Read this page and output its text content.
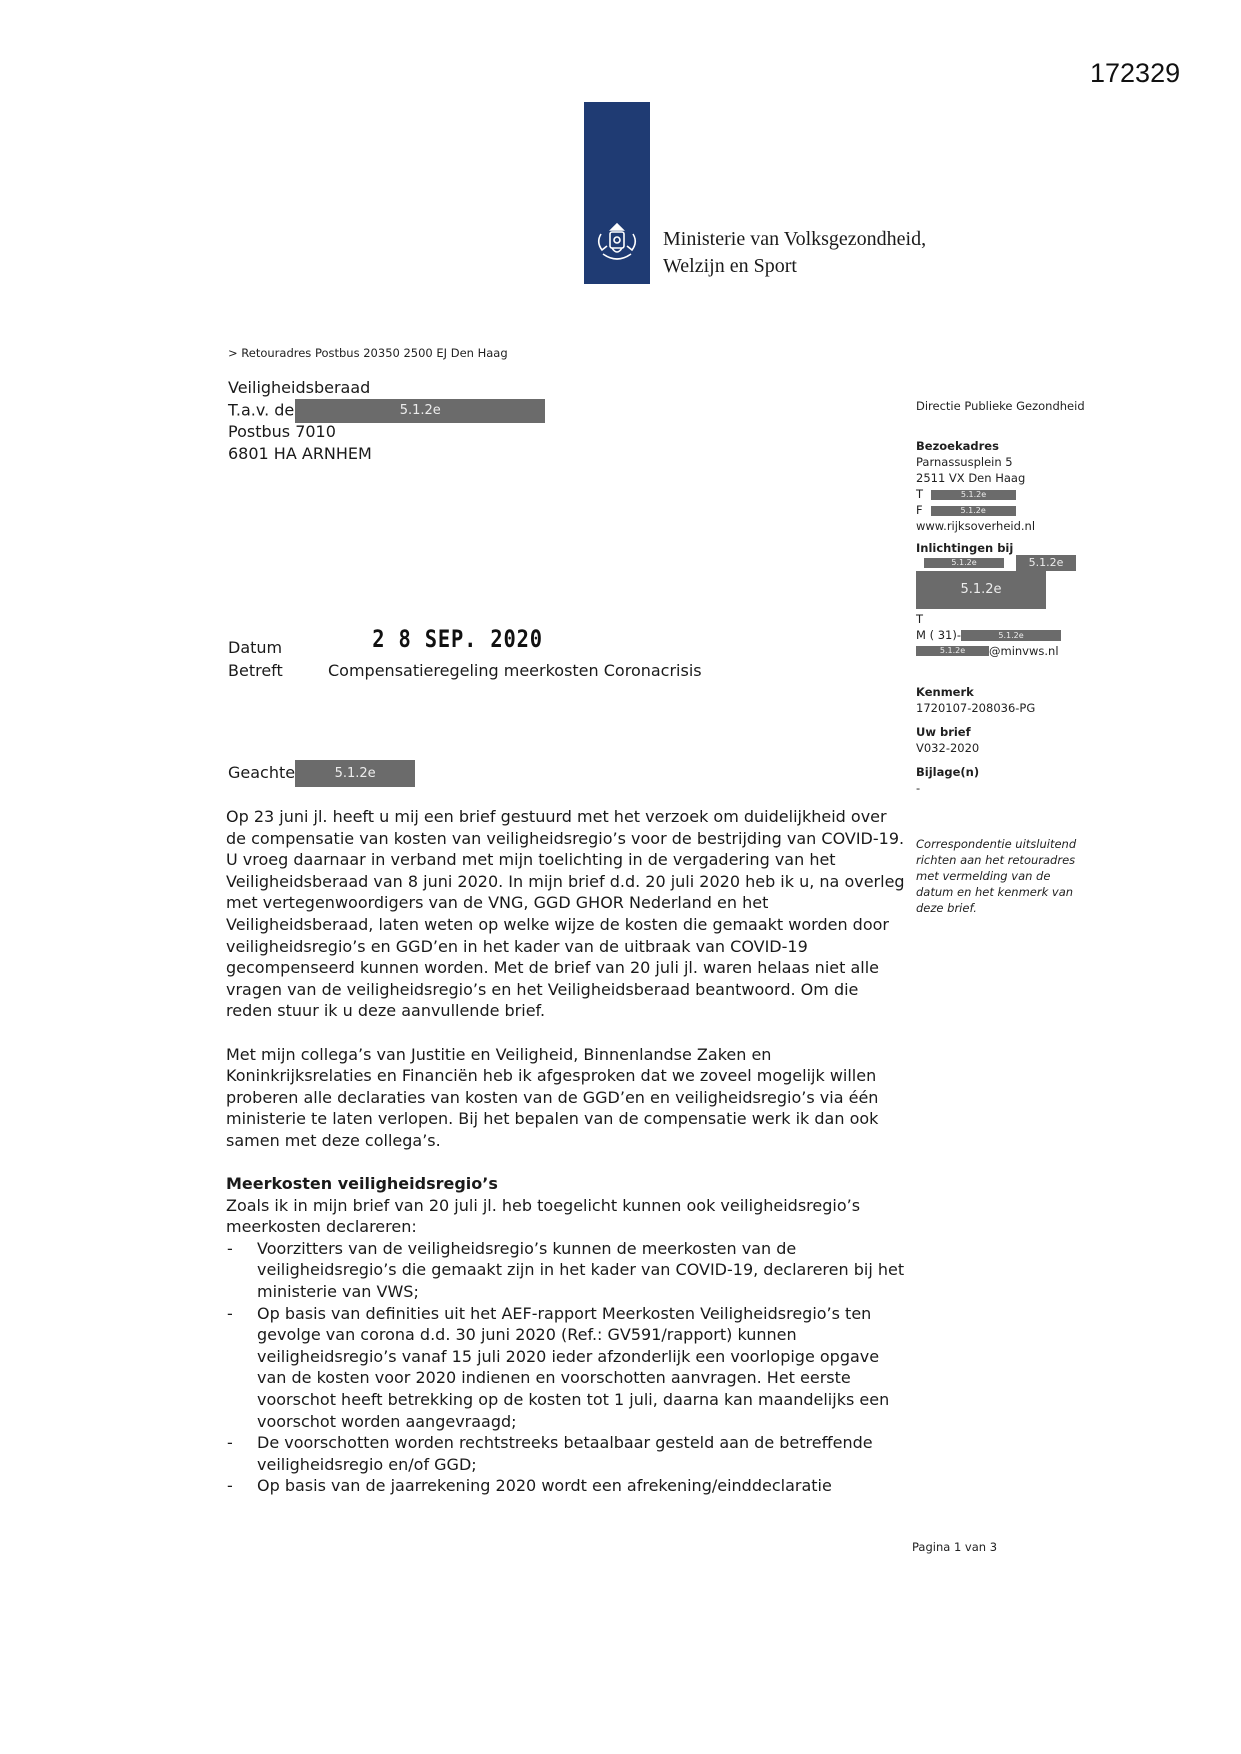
172329
Ministerie van Volksgezondheid,
Welzijn en Sport
> Retouradres Postbus 20350 2500 EJ Den Haag
Veiligheidsberaad
T.a.v. de	5.1.2e
Postbus 7010
6801 HA ARNHEM
Datum	2 8 SEP. 2020
Betreft	Compensatieregeling meerkosten Coronacrisis
Geachte	5.1.2e

Op 23 juni jl. heeft u mij een brief gestuurd met het verzoek om duidelijkheid over de compensatie van kosten van veiligheidsregio’s voor de bestrijding van COVID-19. U vroeg daarnaar in verband met mijn toelichting in de vergadering van het Veiligheidsberaad van 8 juni 2020. In mijn brief d.d. 20 juli 2020 heb ik u, na overleg met vertegenwoordigers van de VNG, GGD GHOR Nederland en het Veiligheidsberaad, laten weten op welke wijze de kosten die gemaakt worden door veiligheidsregio’s en GGD’en in het kader van de uitbraak van COVID-19 gecompenseerd kunnen worden. Met de brief van 20 juli jl. waren helaas niet alle vragen van de veiligheidsregio’s en het Veiligheidsberaad beantwoord. Om die reden stuur ik u deze aanvullende brief.

Met mijn collega’s van Justitie en Veiligheid, Binnenlandse Zaken en Koninkrijksrelaties en Financiën heb ik afgesproken dat we zoveel mogelijk willen proberen alle declaraties van kosten van de GGD’en en veiligheidsregio’s via één ministerie te laten verlopen. Bij het bepalen van de compensatie werk ik dan ook samen met deze collega’s.

Meerkosten veiligheidsregio’s
Zoals ik in mijn brief van 20 juli jl. heb toegelicht kunnen ook veiligheidsregio’s meerkosten declareren:
- Voorzitters van de veiligheidsregio’s kunnen de meerkosten van de veiligheidsregio’s die gemaakt zijn in het kader van COVID-19, declareren bij het ministerie van VWS;
- Op basis van definities uit het AEF-rapport Meerkosten Veiligheidsregio’s ten gevolge van corona d.d. 30 juni 2020 (Ref.: GV591/rapport) kunnen veiligheidsregio’s vanaf 15 juli 2020 ieder afzonderlijk een voorlopige opgave van de kosten voor 2020 indienen en voorschotten aanvragen. Het eerste voorschot heeft betrekking op de kosten tot 1 juli, daarna kan maandelijks een voorschot worden aangevraagd;
- De voorschotten worden rechtstreeks betaalbaar gesteld aan de betreffende veiligheidsregio en/of GGD;
- Op basis van de jaarrekening 2020 wordt een afrekening/einddeclaratie
Directie Publieke Gezondheid
Bezoekadres
Parnassusplein 5
2511 VX Den Haag
T	5.1.2e
F	5.1.2e
www.rijksoverheid.nl
Inlichtingen bij
5.1.2e	5.1.2e
5.1.2e
T
M ( 31)-	5.1.2e
5.1.2e @minvws.nl
Kenmerk
1720107-208036-PG
Uw brief
V032-2020
Bijlage(n)
-
Correspondentie uitsluitend richten aan het retouradres met vermelding van de datum en het kenmerk van deze brief.
Pagina 1 van 3
